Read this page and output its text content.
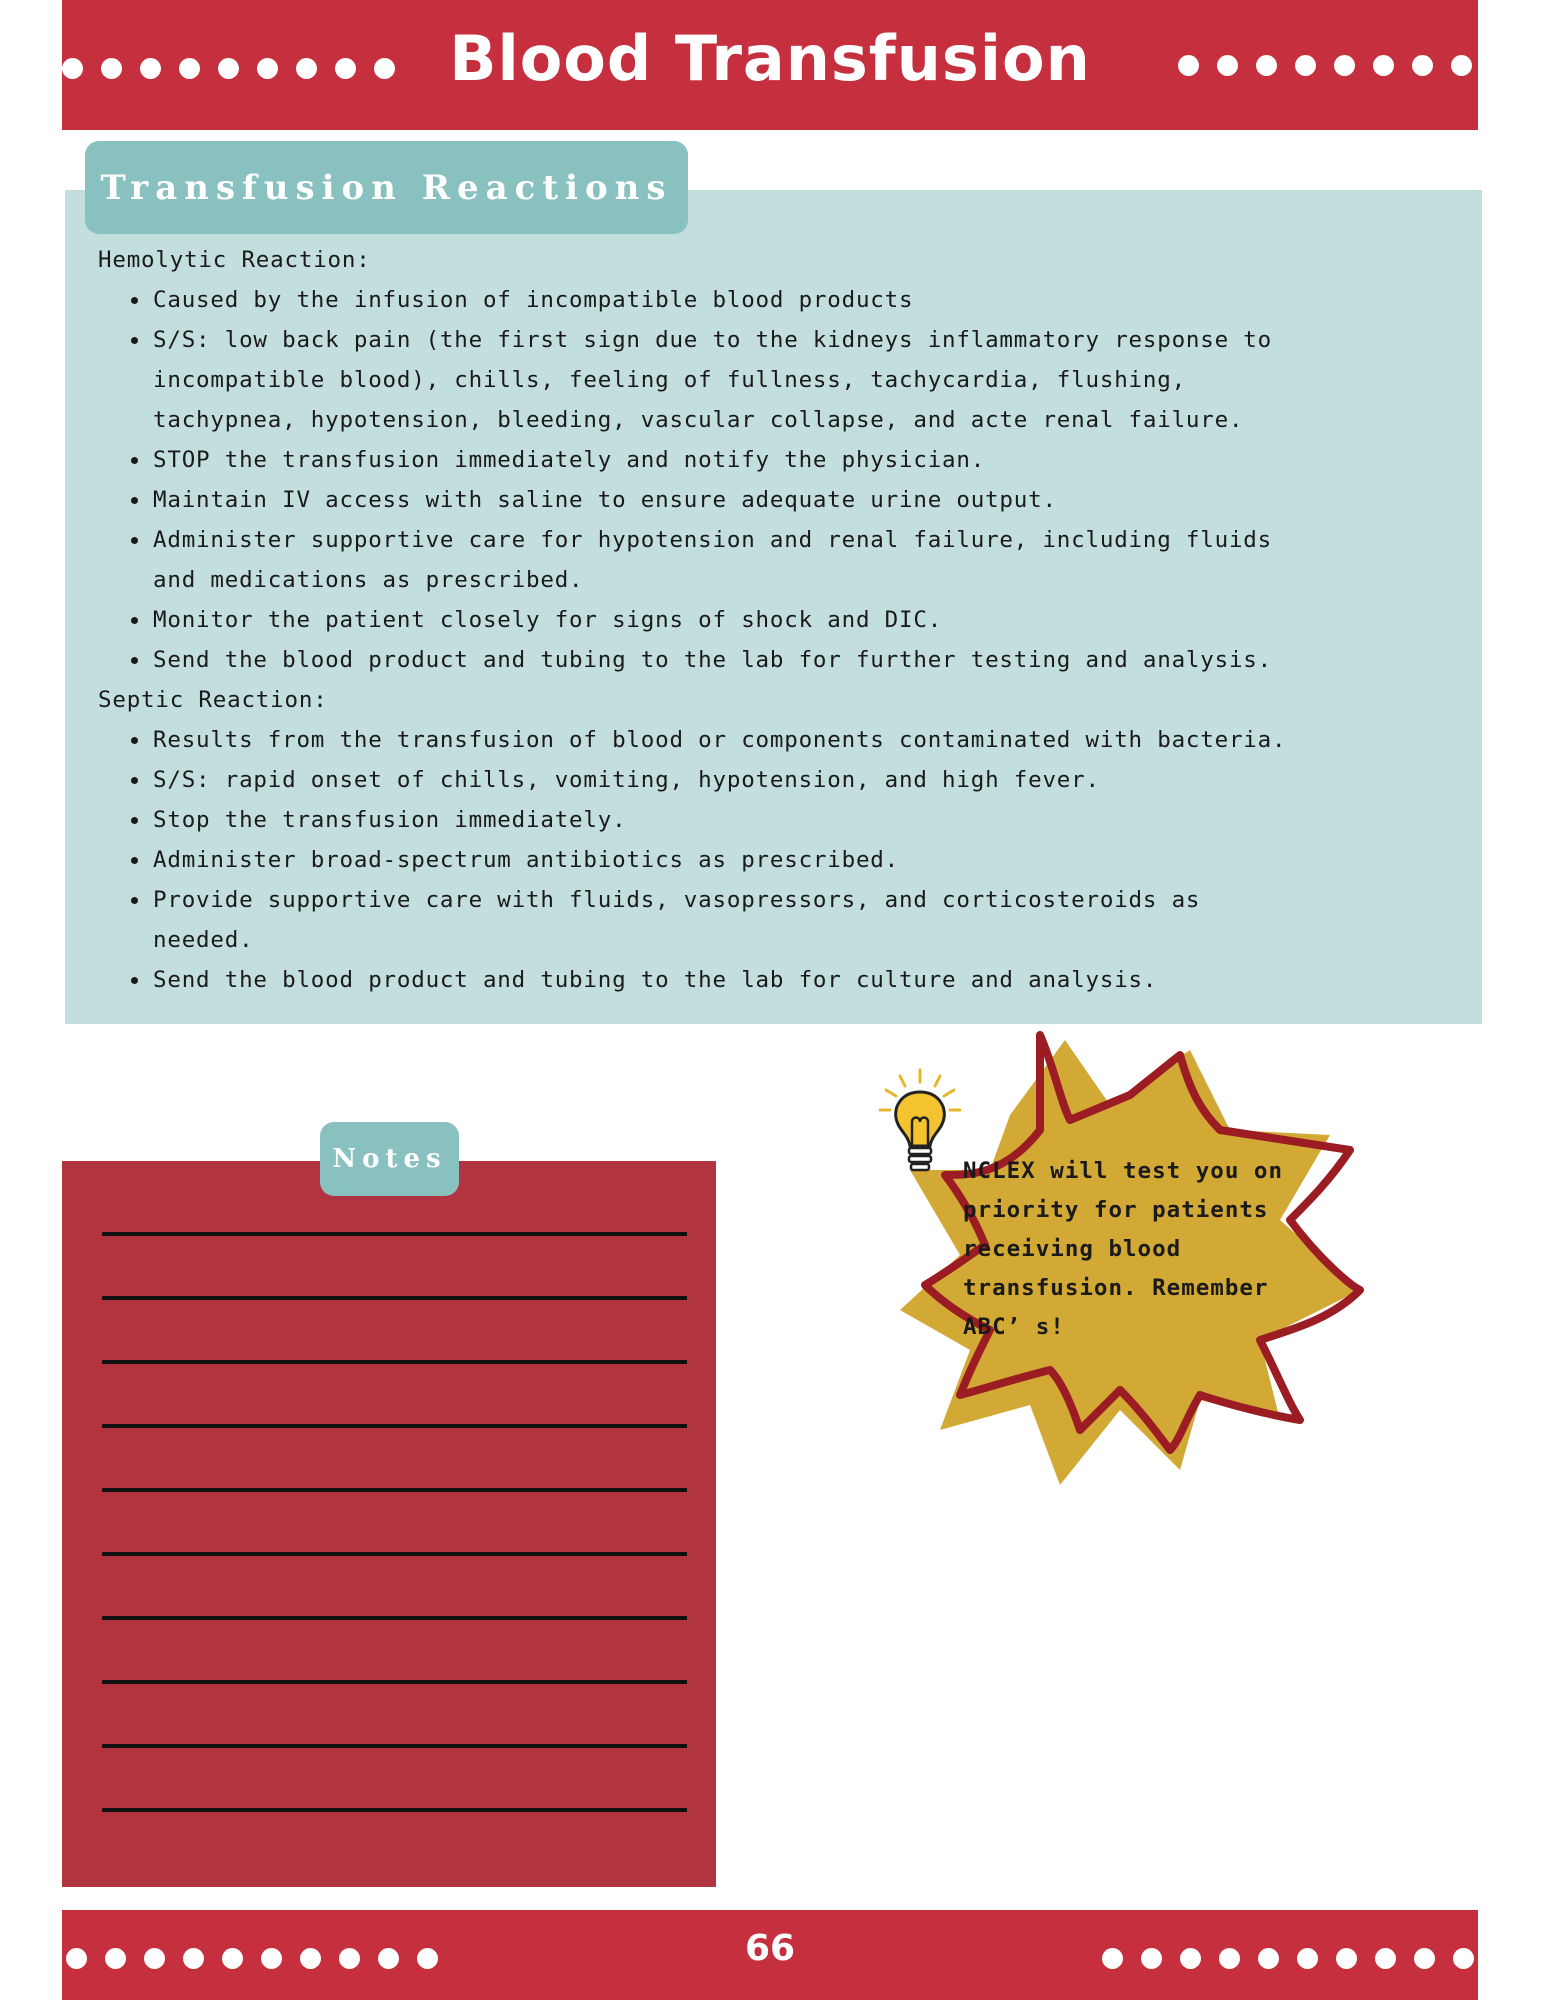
Blood Transfusion
Transfusion Reactions

Hemolytic Reaction:

Caused by the infusion of incompatible blood products
S/S: low back pain (the first sign due to the kidneys inflammatory response to incompatible blood), chills, feeling of fullness, tachycardia, flushing, tachypnea, hypotension, bleeding, vascular collapse, and acte renal failure.
STOP the transfusion immediately and notify the physician.
Maintain IV access with saline to ensure adequate urine output.
Administer supportive care for hypotension and renal failure, including fluids and medications as prescribed.
Monitor the patient closely for signs of shock and DIC.
Send the blood product and tubing to the lab for further testing and analysis.

Septic Reaction:

Results from the transfusion of blood or components contaminated with bacteria.
S/S: rapid onset of chills, vomiting, hypotension, and high fever.
Stop the transfusion immediately.
Administer broad-spectrum antibiotics as prescribed.
Provide supportive care with fluids, vasopressors, and corticosteroids as needed.
Send the blood product and tubing to the lab for culture and analysis.
Notes	NCLEX will test you on priority for patients receiving blood transfusion. Remember ABC’ s!
66
